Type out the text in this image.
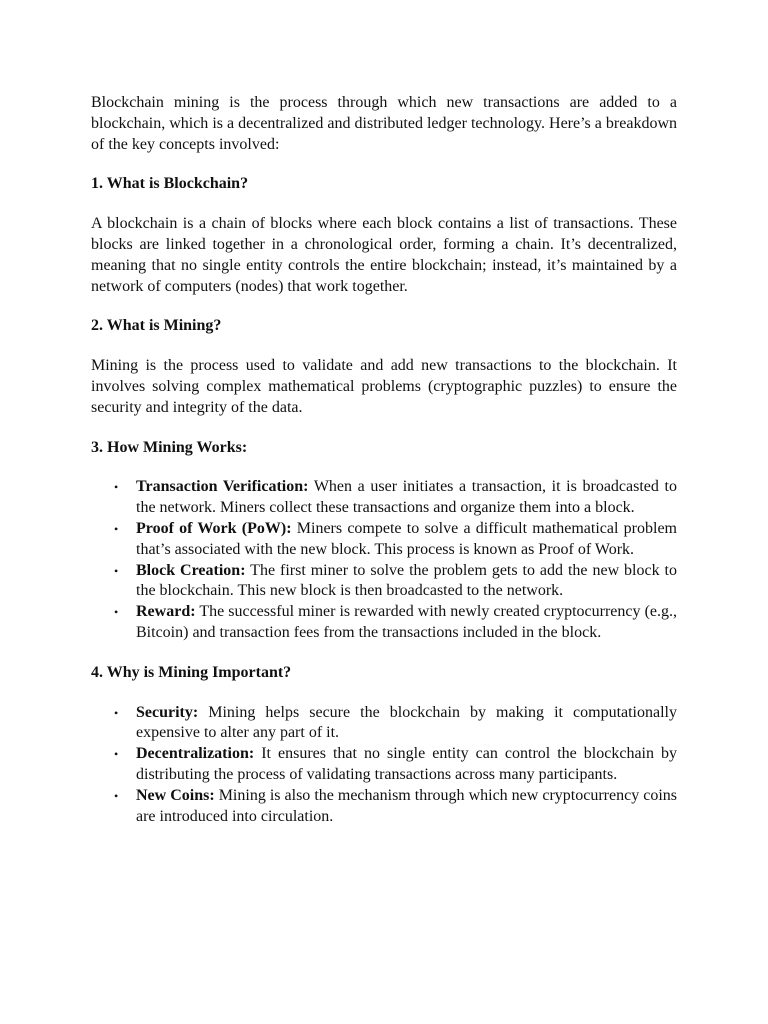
Blockchain mining is the process through which new transactions are added to a blockchain, which is a decentralized and distributed ledger technology. Here’s a breakdown of the key concepts involved:

1. What is Blockchain?

A blockchain is a chain of blocks where each block contains a list of transactions. These blocks are linked together in a chronological order, forming a chain. It’s decentralized, meaning that no single entity controls the entire blockchain; instead, it’s maintained by a network of computers (nodes) that work together.

2. What is Mining?

Mining is the process used to validate and add new transactions to the blockchain. It involves solving complex mathematical problems (cryptographic puzzles) to ensure the security and integrity of the data.

3. How Mining Works:
• Transaction Verification: When a user initiates a transaction, it is broadcasted to the network. Miners collect these transactions and organize them into a block.
• Proof of Work (PoW): Miners compete to solve a difficult mathematical problem that’s associated with the new block. This process is known as Proof of Work.
• Block Creation: The first miner to solve the problem gets to add the new block to the blockchain. This new block is then broadcasted to the network.
• Reward: The successful miner is rewarded with newly created cryptocurrency (e.g., Bitcoin) and transaction fees from the transactions included in the block.
4. Why is Mining Important?
• Security: Mining helps secure the blockchain by making it computationally expensive to alter any part of it.
• Decentralization: It ensures that no single entity can control the blockchain by distributing the process of validating transactions across many participants.
• New Coins: Mining is also the mechanism through which new cryptocurrency coins are introduced into circulation.
